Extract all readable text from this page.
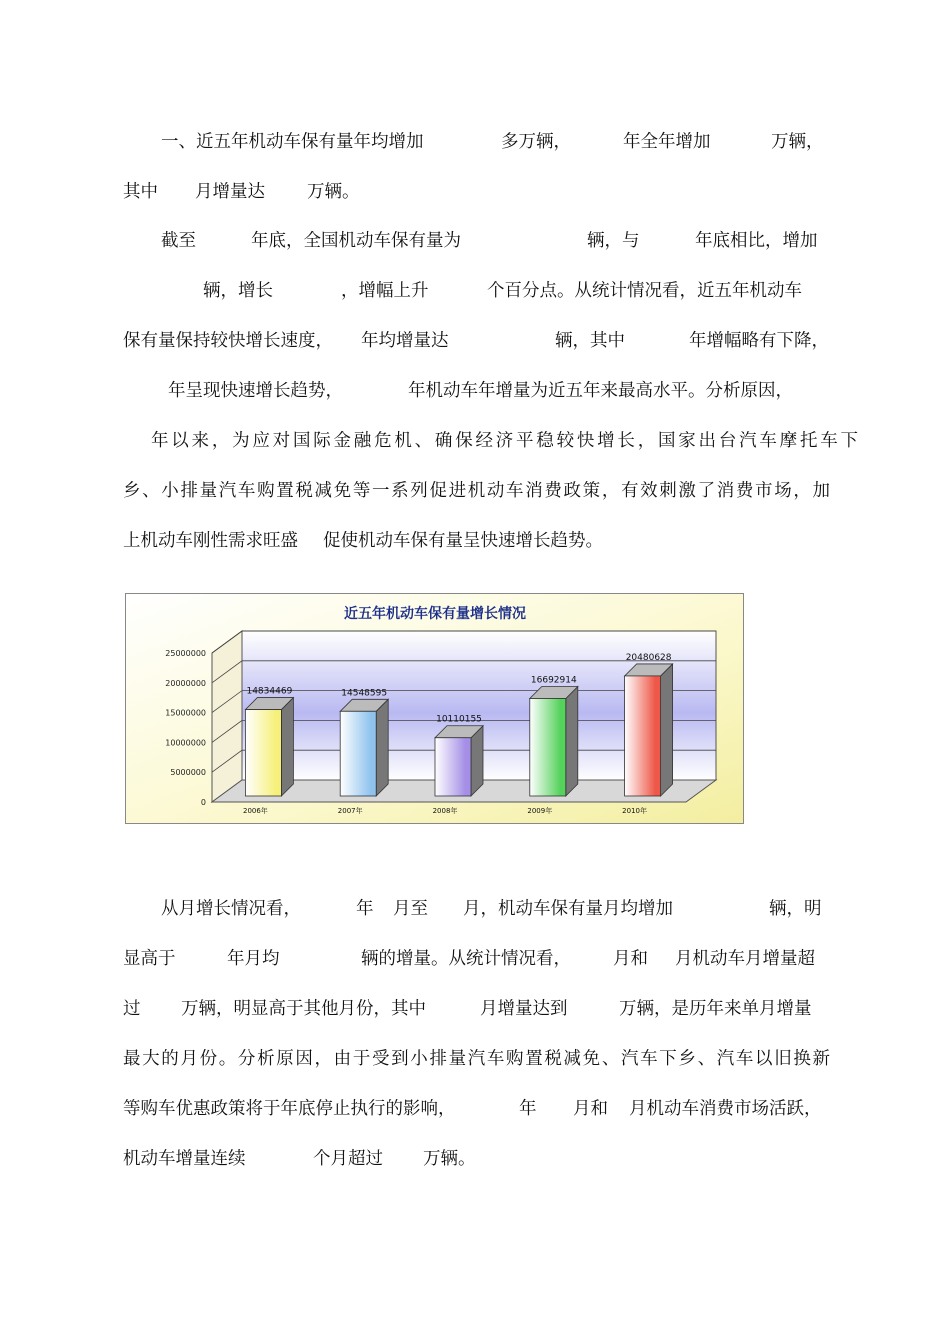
一、近五年机动车保有量年均增加	多万辆，	年全年增加	万辆，
其中 月增量达 万辆。
截至	年底，全国机动车保有量为	辆，与	年底相比，增加
辆，增长	，增幅上升	个百分点。从统计情况看，近五年机动车
保有量保持较快增长速度， 年均增量达	辆，其中	年增幅略有下降，
年呈现快速增长趋势，	年机动车年增量为近五年来最高水平。分析原因，
年以来，为应对国际金融危机、确保经济平稳较快增长，国家出台汽车摩托车下
乡、小排量汽车购置税减免等一系列促进机动车消费政策，有效刺激了消费市场，加
上机动车刚性需求旺盛 促使机动车保有量呈快速增长趋势。
近五年机动车保有量增长情况
0
5000000
10000000
15000000
20000000
25000000
14834469
2006年
14548595
2007年
10110155
2008年
16692914
2009年
20480628
2010年
从月增长情况看，	年 月至 月，机动车保有量月均增加	辆，明
显高于	年月均	辆的增量。从统计情况看， 月和 月机动车月增量超
过 万辆，明显高于其他月份，其中	月增量达到	万辆，是历年来单月增量
最大的月份。分析原因，由于受到小排量汽车购置税减免、汽车下乡、汽车以旧换新
等购车优惠政策将于年底停止执行的影响，	年 月和 月机动车消费市场活跃，
机动车增量连续	个月超过 万辆。
